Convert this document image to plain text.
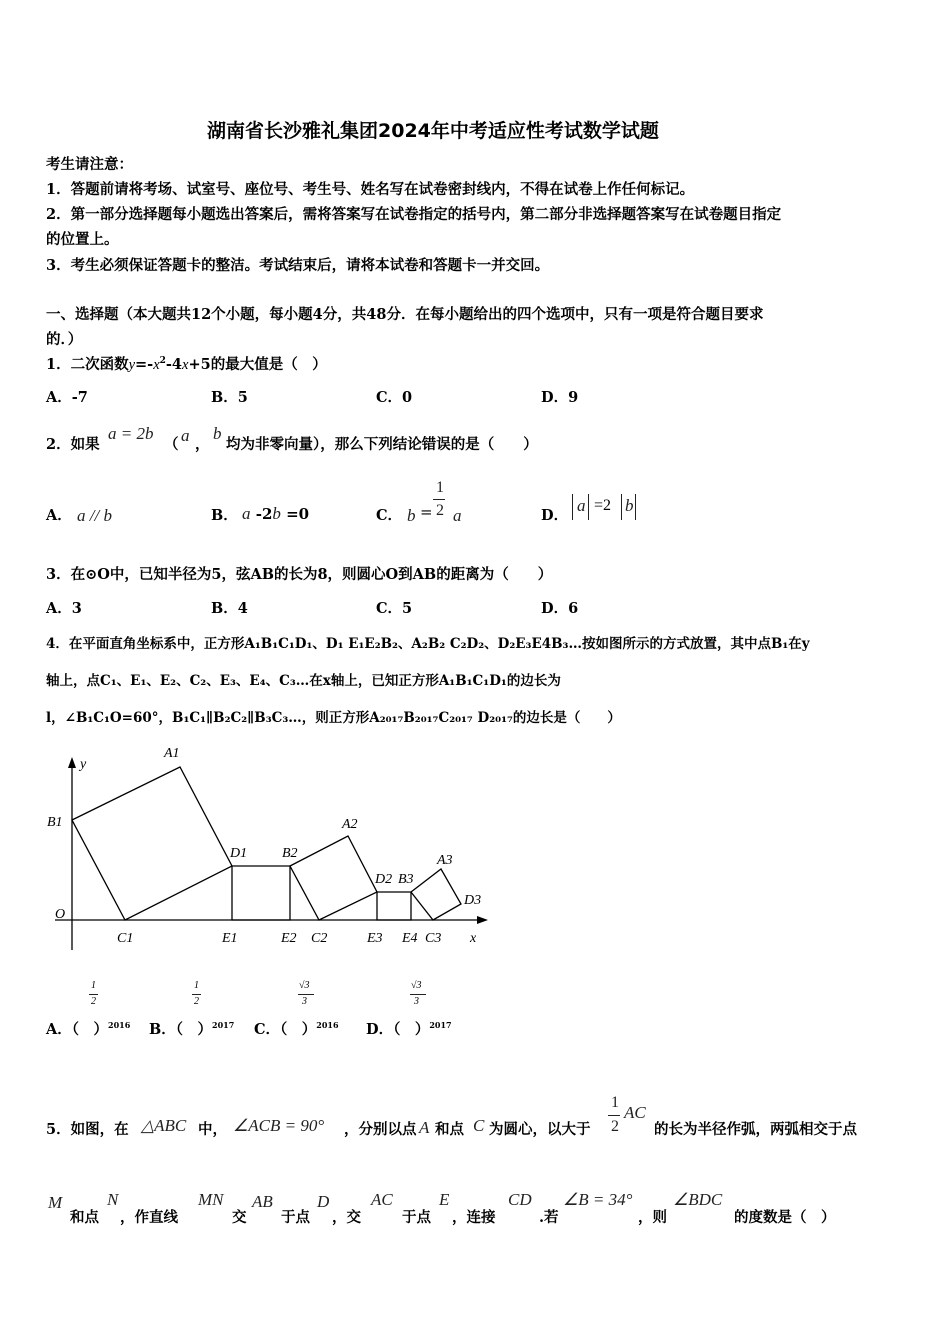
湖南省长沙雅礼集团2024年中考适应性考试数学试题
考生请注意：
1．答题前请将考场、试室号、座位号、考生号、姓名写在试卷密封线内，不得在试卷上作任何标记。
2．第一部分选择题每小题选出答案后，需将答案写在试卷指定的括号内，第二部分非选择题答案写在试卷题目指定
的位置上。
3．考生必须保证答题卡的整洁。考试结束后，请将本试卷和答题卡一并交回。
一、选择题（本大题共12个小题，每小题4分，共48分．在每小题给出的四个选项中，只有一项是符合题目要求
的．）
1．二次函数$y=-x^2-4x+5$的最大值是（　）
A．-7	B．5	C．0	D．9
2．如果
a = 2b
（ a ，
b
均为非零向量），那么下列结论错误的是（　　）
A． a // b	B． a -2b =0	C． b =
1
2 a	D．
a =2 b
3．在⊙O中，已知半径为5，弦AB的长为8，则圆心O到AB的距离为（　　）
A．3	B．4	C．5	D．6
4．在平面直角坐标系中，正方形A₁B₁C₁D₁、D₁ E₁E₂B₂、A₂B₂ C₂D₂、D₂E₃E4B₃…按如图所示的方式放置，其中点B₁在y
轴上，点C₁、E₁、E₂、C₂、E₃、E₄、C₃…在x轴上，已知正方形A₁B₁C₁D₁的边长为
l，∠B₁C₁O=60°，B₁C₁∥B₂C₂∥B₃C₃…，则正方形A₂₀₁₇B₂₀₁₇C₂₀₁₇ D₂₀₁₇的边长是（　　）
y
x
O
A1
B1
C1
D1
E1
A2
B2
C2
D2
E2
A3
B3
C3
D3
E3 E4
1
2
A．（　）$^{2016}$
1
2
B．（　）$^{2017}$
√3
3
C．（　）$^{2016}$
√3
3
D．（　）$^{2017}$
5．如图，在 △ABC 中， ∠ACB = 90° ，分别以点 A 和点 C 为圆心，以大于
1
2
AC
的长为半径作弧，两弧相交于点
M
和点
N
，作直线
MN
交
AB
于点
D
，交
AC
于点
E
，连接
CD
.若
∠B = 34°
，则
∠BDC
的度数是（　）
